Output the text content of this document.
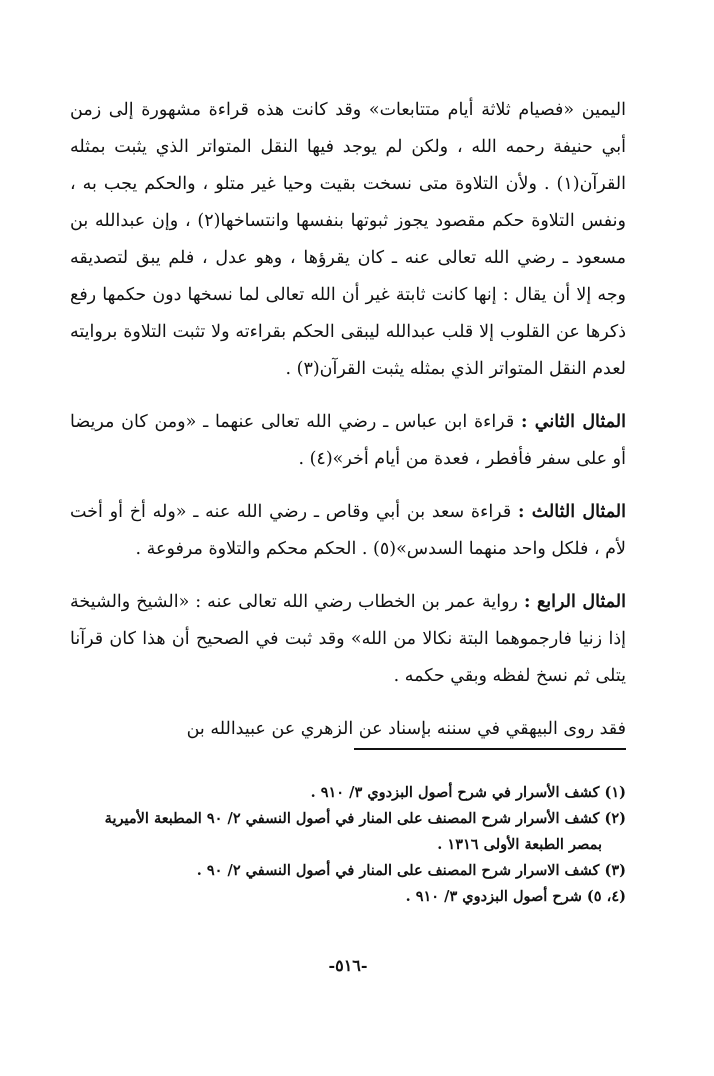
اليمين «فصيام ثلاثة أيام متتابعات» وقد كانت هذه قراءة مشهورة إلى زمن أبي حنيفة رحمه الله ، ولكن لم يوجد فيها النقل المتواتر الذي يثبت بمثله القرآن(١) . ولأن التلاوة متى نسخت بقيت وحيا غير متلو ، والحكم يجب به ، ونفس التلاوة حكم مقصود يجوز ثبوتها بنفسها وانتساخها(٢) ، وإن عبدالله بن مسعود ـ رضي الله تعالى عنه ـ كان يقرؤها ، وهو عدل ، فلم يبق لتصديقه وجه إلا أن يقال : إنها كانت ثابتة غير أن الله تعالى لما نسخها دون حكمها رفع ذكرها عن القلوب إلا قلب عبدالله ليبقى الحكم بقراءته ولا تثبت التلاوة بروايته لعدم النقل المتواتر الذي بمثله يثبت القرآن(٣) .

المثال الثاني : قراءة ابن عباس ـ رضي الله تعالى عنهما ـ «ومن كان مريضا أو على سفر فأفطر ، فعدة من أيام أخر»(٤) .

المثال الثالث : قراءة سعد بن أبي وقاص ـ رضي الله عنه ـ «وله أخ أو أخت لأم ، فلكل واحد منهما السدس»(٥) . الحكم محكم والتلاوة مرفوعة .

المثال الرابع : رواية عمر بن الخطاب رضي الله تعالى عنه : «الشيخ والشيخة إذا زنيا فارجموهما البتة نكالا من الله» وقد ثبت في الصحيح أن هذا كان قرآنا يتلى ثم نسخ لفظه وبقي حكمه .

فقد روى البيهقي في سننه بإسناد عن الزهري عن عبيدالله بن

(١) كشف الأسرار في شرح أصول البزدوي ٣/ ٩١٠ .

(٢) كشف الأسرار شرح المصنف على المنار في أصول النسفي ٢/ ٩٠ المطبعة الأميرية

بمصر الطبعة الأولى ١٣١٦ .

(٣) كشف الاسرار شرح المصنف على المنار في أصول النسفي ٢/ ٩٠ .

(٤، ٥) شرح أصول البزدوي ٣/ ٩١٠ .

-٥١٦-
